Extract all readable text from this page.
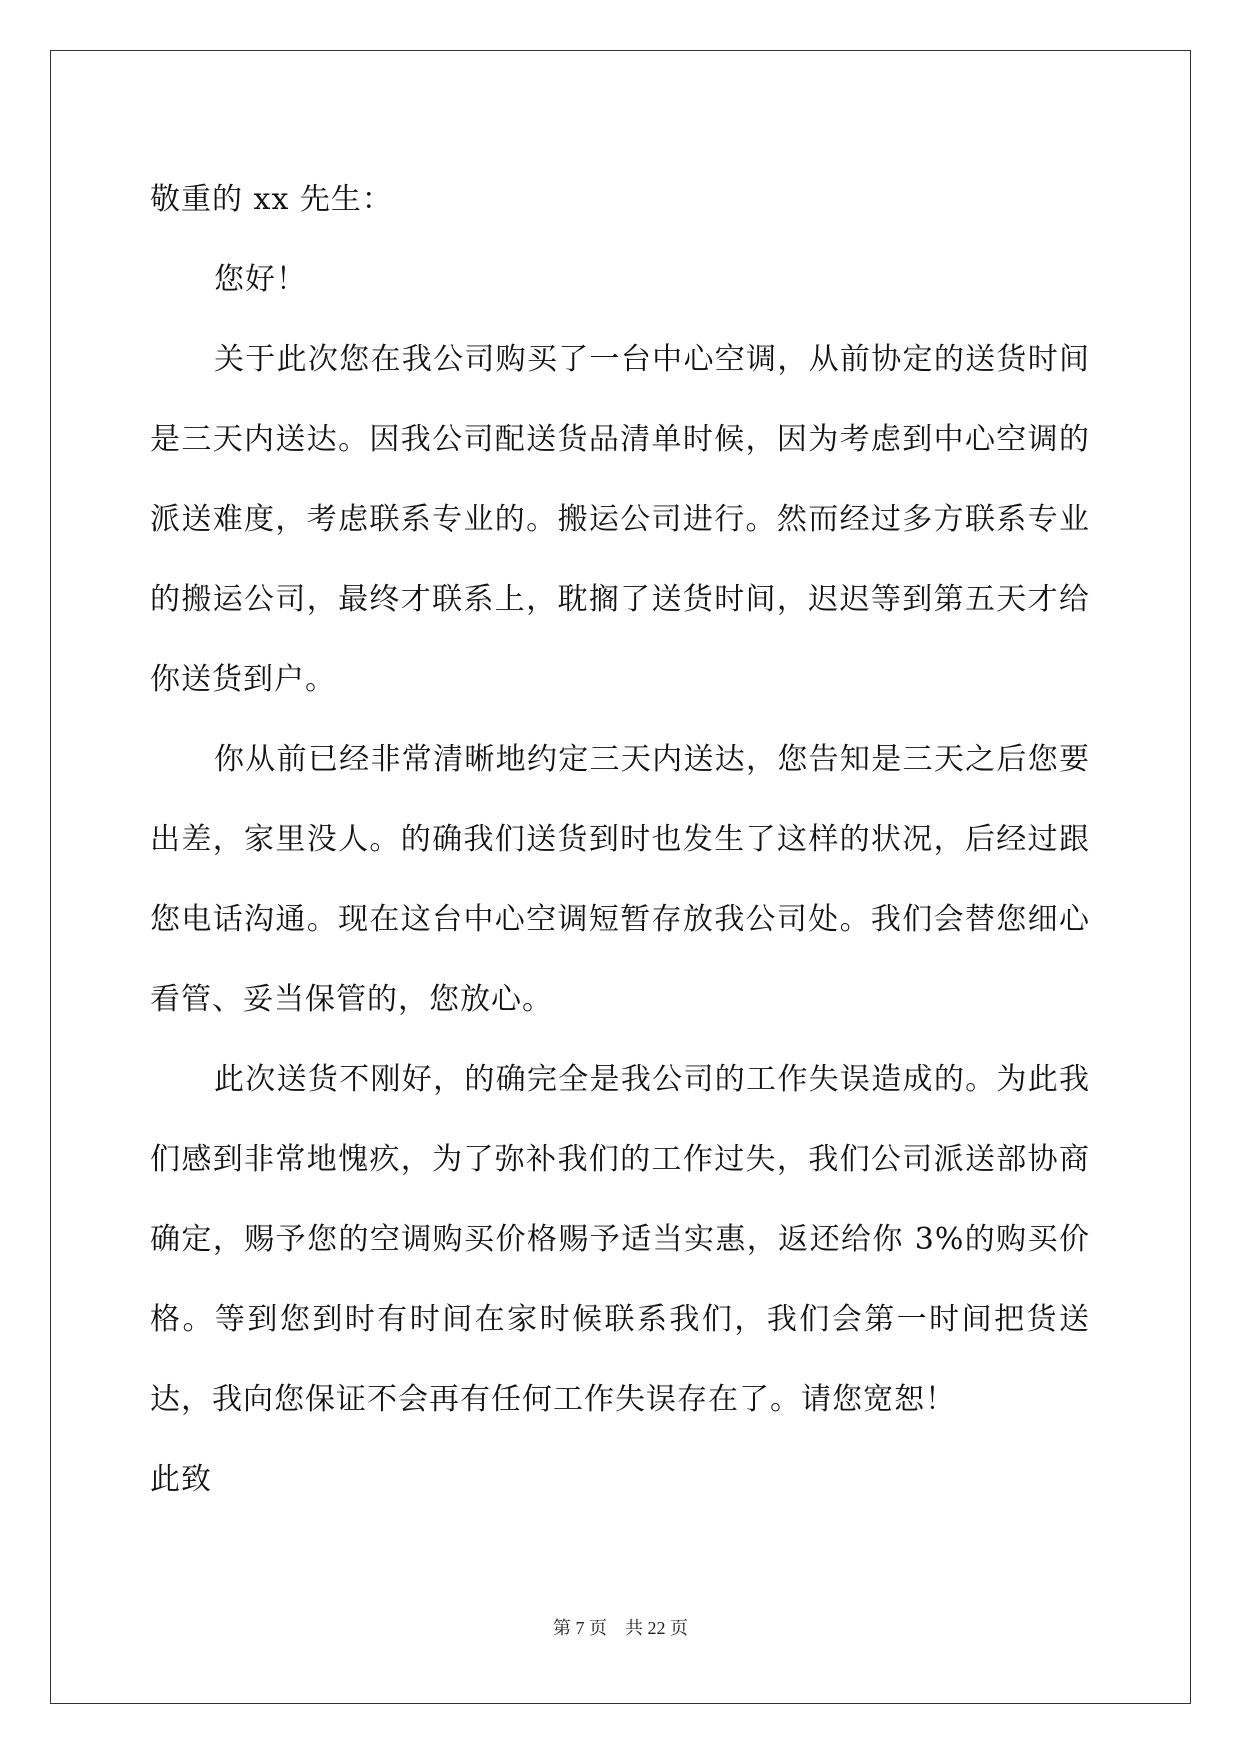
敬重的 xx 先生：

您好！

关于此次您在我公司购买了一台中心空调，从前协定的送货时间是三天内送达。因我公司配送货品清单时候，因为考虑到中心空调的派送难度，考虑联系专业的。搬运公司进行。然而经过多方联系专业的搬运公司，最终才联系上，耽搁了送货时间，迟迟等到第五天才给你送货到户。

你从前已经非常清晰地约定三天内送达，您告知是三天之后您要出差，家里没人。的确我们送货到时也发生了这样的状况，后经过跟您电话沟通。现在这台中心空调短暂存放我公司处。我们会替您细心看管、妥当保管的，您放心。

此次送货不刚好，的确完全是我公司的工作失误造成的。为此我们感到非常地愧疚，为了弥补我们的工作过失，我们公司派送部协商确定，赐予您的空调购买价格赐予适当实惠，返还给你 3%的购买价格。等到您到时有时间在家时候联系我们，我们会第一时间把货送达，我向您保证不会再有任何工作失误存在了。请您宽恕！

此致

第 7 页 共 22 页
